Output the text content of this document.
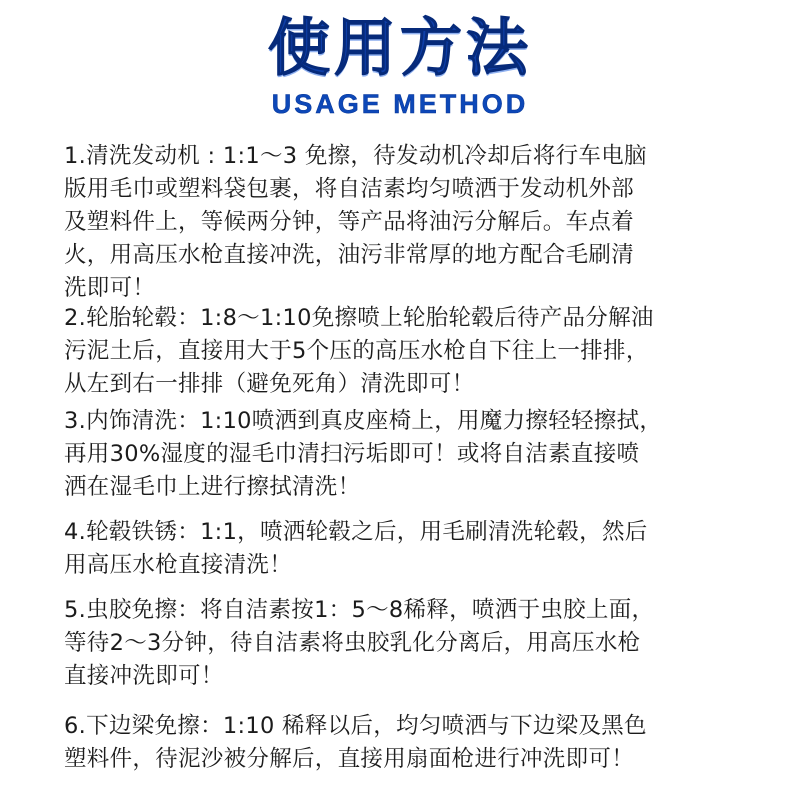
使用方法
USAGE METHOD
1.清洗发动机 : 1:1～3 免擦，待发动机冷却后将行车电脑
版用毛巾或塑料袋包裹，将自洁素均匀喷洒于发动机外部
及塑料件上，等候两分钟，等产品将油污分解后。车点着
火，用高压水枪直接冲洗，油污非常厚的地方配合毛刷清
洗即可！
2.轮胎轮毂：1:8～1:10免擦喷上轮胎轮毂后待产品分解油
污泥土后，直接用大于5个压的高压水枪自下往上一排排，
从左到右一排排（避免死角）清洗即可！
3.内饰清洗：1:10喷洒到真皮座椅上，用魔力擦轻轻擦拭，
再用30%湿度的湿毛巾清扫污垢即可！或将自洁素直接喷
洒在湿毛巾上进行擦拭清洗！
4.轮毂铁锈：1:1，喷洒轮毂之后，用毛刷清洗轮毂，然后
用高压水枪直接清洗！
5.虫胶免擦：将自洁素按1：5～8稀释，喷洒于虫胶上面，
等待2～3分钟，待自洁素将虫胶乳化分离后，用高压水枪
直接冲洗即可！
6.下边梁免擦：1:10 稀释以后，均匀喷洒与下边梁及黑色
塑料件，待泥沙被分解后，直接用扇面枪进行冲洗即可！
